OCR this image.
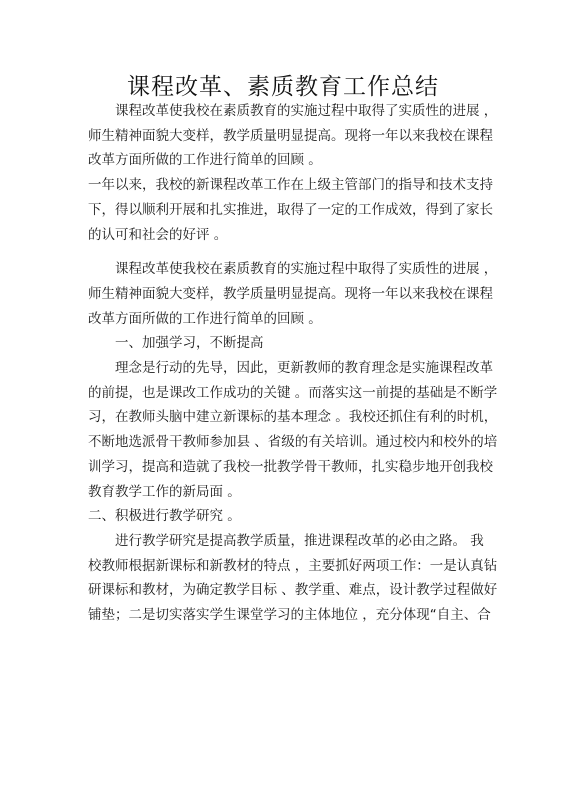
课程改革、素质教育工作总结

课程改革使我校在素质教育的实施过程中取得了实质性的进展 ，

师生精神面貌大变样，教学质量明显提高。现将一年以来我校在课程

改革方面所做的工作进行简单的回顾 。

一年以来，我校的新课程改革工作在上级主管部门的指导和技术支持

下，得以顺利开展和扎实推进，取得了一定的工作成效，得到了家长

的认可和社会的好评 。

课程改革使我校在素质教育的实施过程中取得了实质性的进展 ，

师生精神面貌大变样，教学质量明显提高。现将一年以来我校在课程

改革方面所做的工作进行简单的回顾 。

一、加强学习，不断提高

理念是行动的先导，因此，更新教师的教育理念是实施课程改革

的前提，也是课改工作成功的关键 。而落实这一前提的基础是不断学

习，在教师头脑中建立新课标的基本理念 。我校还抓住有利的时机，

不断地选派骨干教师参加县 、省级的有关培训。通过校内和校外的培

训学习，提高和造就了我校一批教学骨干教师，扎实稳步地开创我校

教育教学工作的新局面 。

二、积极进行教学研究 。

进行教学研究是提高教学质量，推进课程改革的必由之路。 我

校教师根据新课标和新教材的特点 ，主要抓好两项工作：一是认真钻

研课标和教材，为确定教学目标 、教学重、难点，设计教学过程做好

铺垫；二是切实落实学生课堂学习的主体地位 ，充分体现“自主、合
